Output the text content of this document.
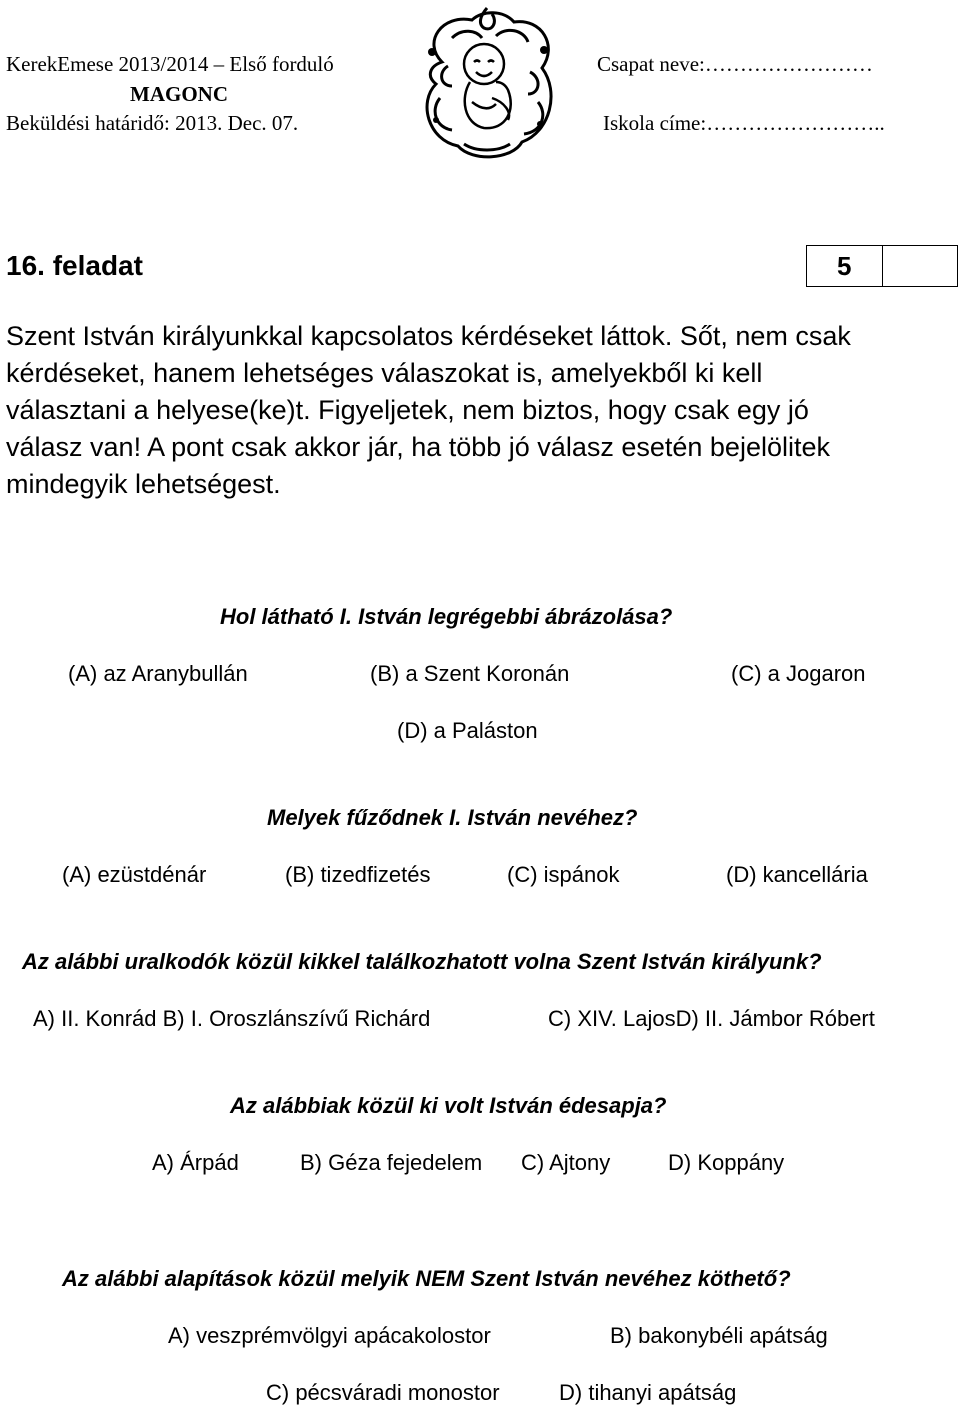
KerekEmese 2013/2014 – Első forduló
MAGONC
Beküldési határidő: 2013. Dec. 07.
Csapat neve:……………………
Iskola címe:……………………..
16. feladat	5

Szent István királyunkkal kapcsolatos kérdéseket láttok. Sőt, nem csak

kérdéseket, hanem lehetséges válaszokat is, amelyekből ki kell

választani a helyese(ke)t. Figyeljetek, nem biztos, hogy csak egy jó

válasz van! A pont csak akkor jár, ha több jó válasz esetén bejelölitek

mindegyik lehetségest.

Hol látható I. István legrégebbi ábrázolása?
(A) az Aranybullán	(B) a Szent Koronán	(C) a Jogaron
(D) a Paláston
Melyek fűződnek I. István nevéhez?
(A) ezüstdénár	(B) tizedfizetés	(C) ispánok	(D) kancellária
Az alábbi uralkodók közül kikkel találkozhatott volna Szent István királyunk?
A) II. Konrád B) I. Oroszlánszívű Richárd	C) XIV. LajosD) II. Jámbor Róbert
Az alábbiak közül ki volt István édesapja?
A) Árpád	B) Géza fejedelem C) Ajtony	D) Koppány
Az alábbi alapítások közül melyik NEM Szent István nevéhez köthető?
A) veszprémvölgyi apácakolostor	B) bakonybéli apátság
C) pécsváradi monostor	D) tihanyi apátság
